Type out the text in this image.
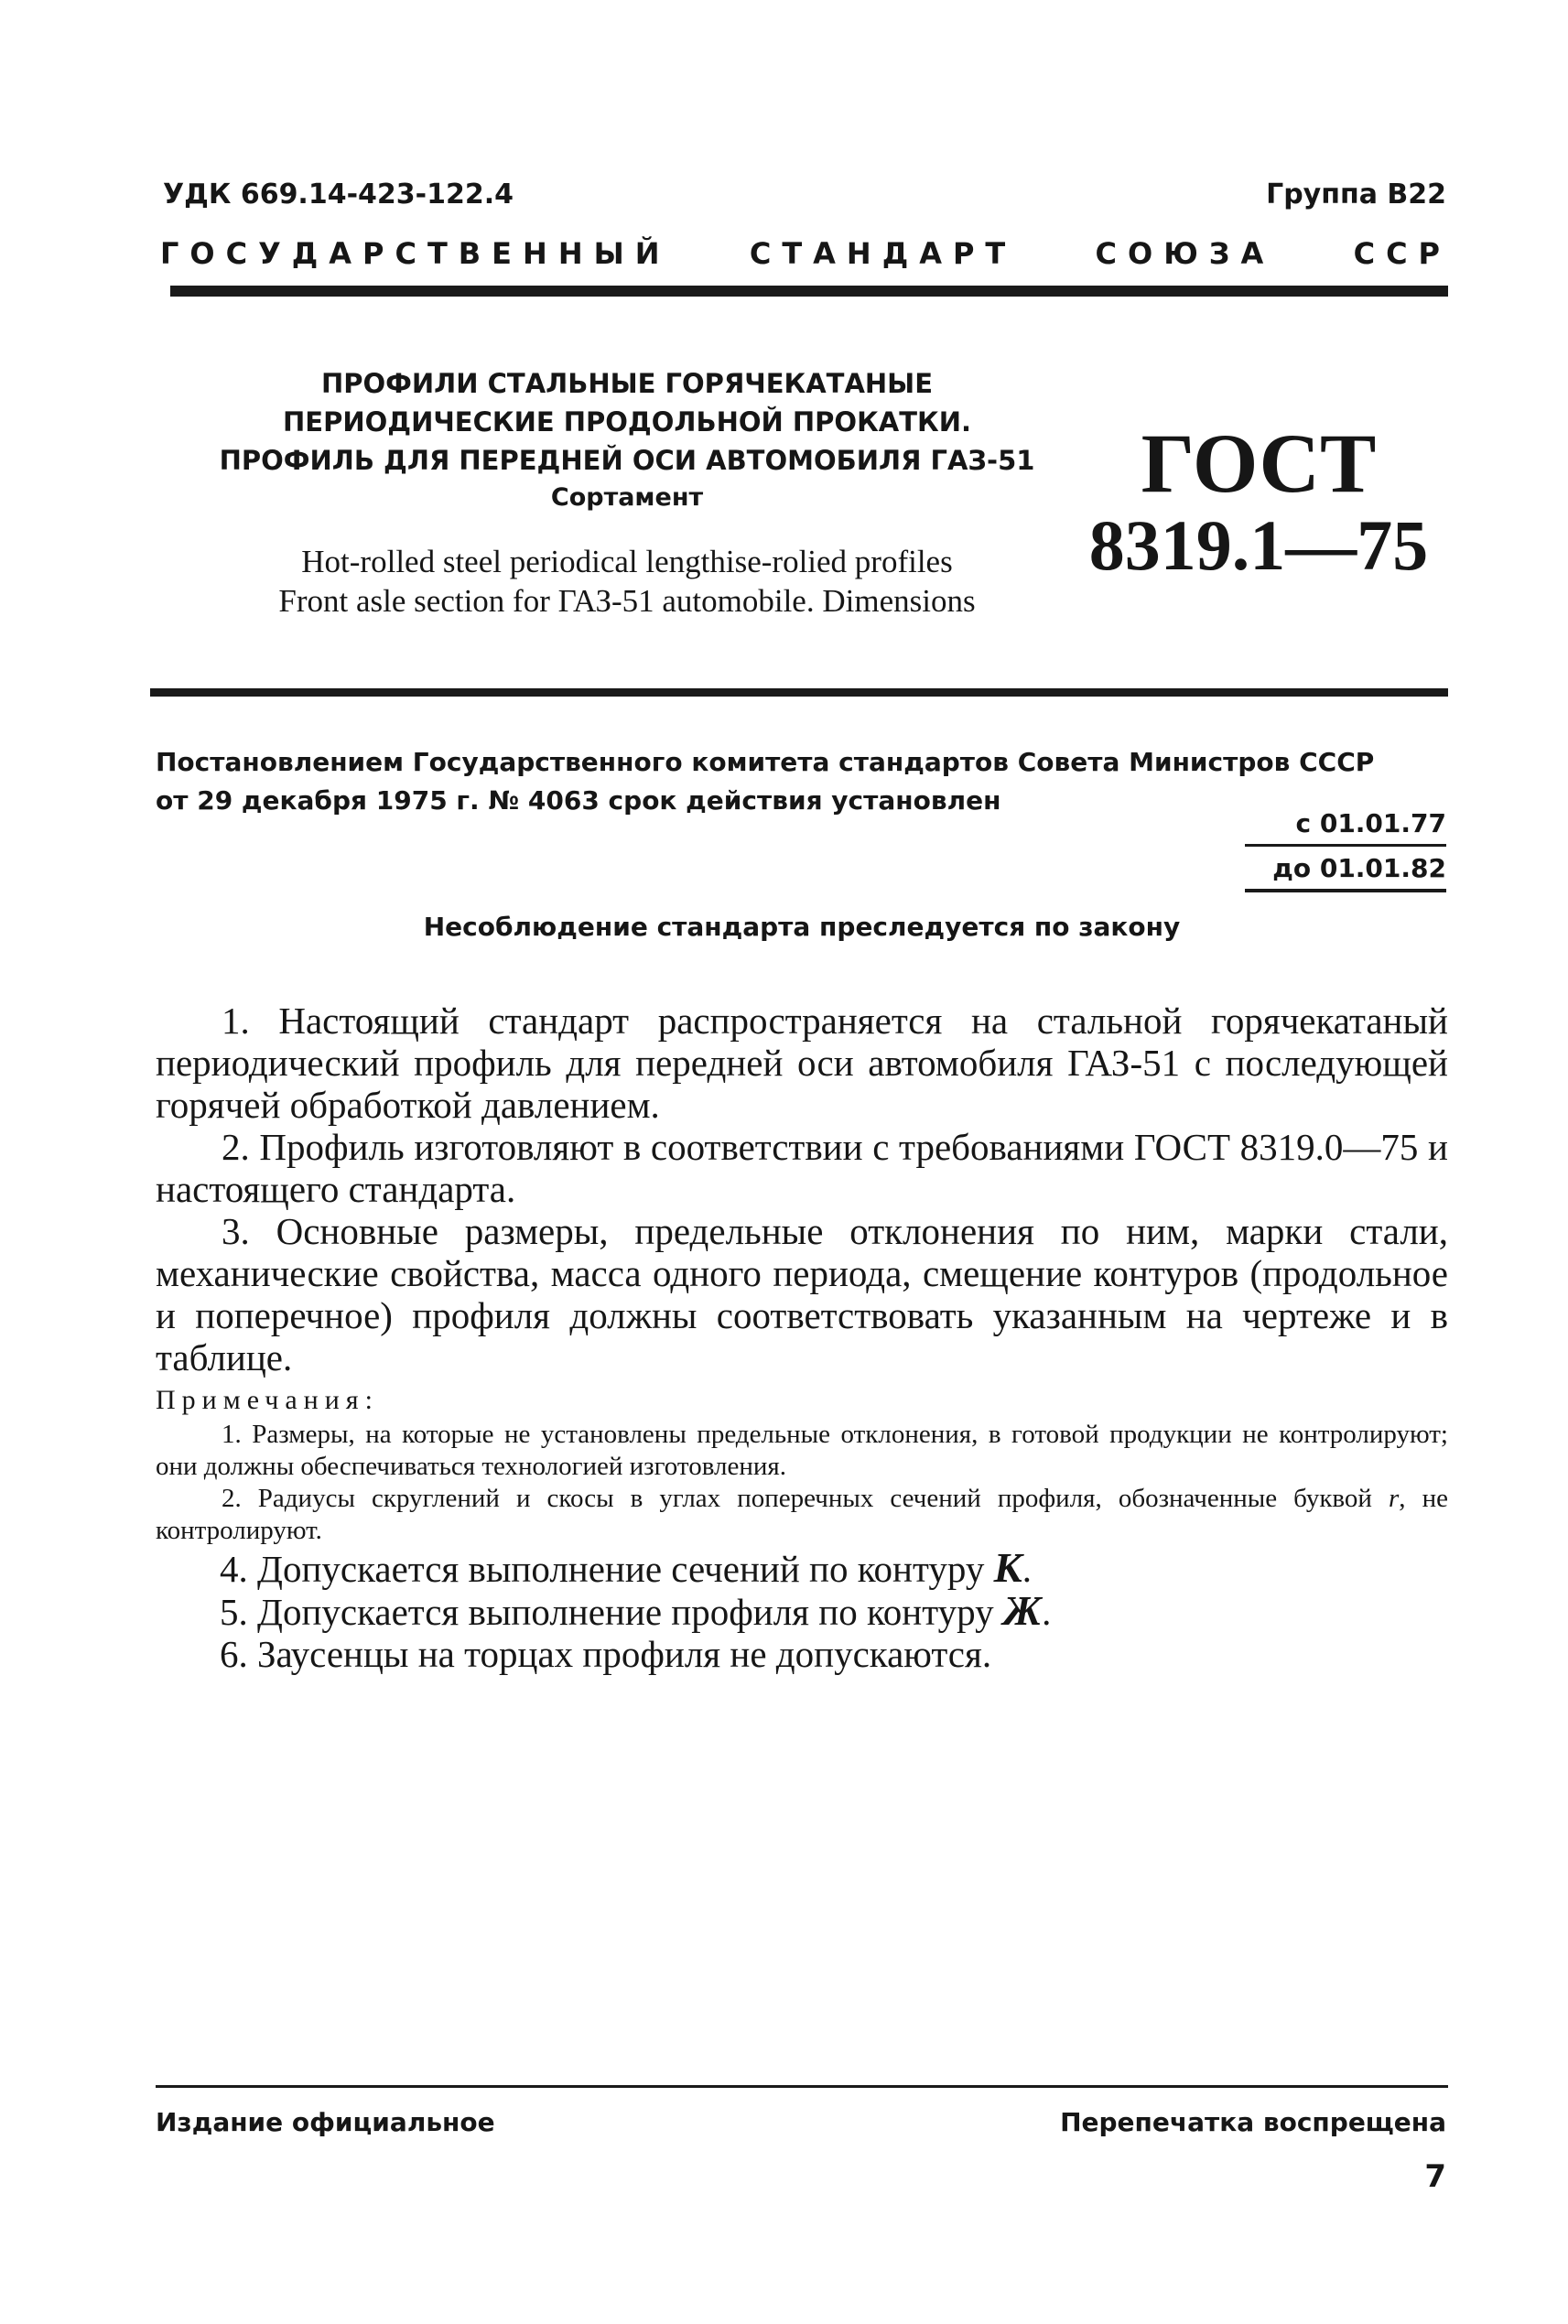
УДК 669.14-423-122.4	Группа В22
ГОСУДАРСТВЕННЫЙ	СТАНДАРТ	СОЮЗА	ССР
ПРОФИЛИ СТАЛЬНЫЕ ГОРЯЧЕКАТАНЫЕ
ПЕРИОДИЧЕСКИЕ ПРОДОЛЬНОЙ ПРОКАТКИ.
ПРОФИЛЬ ДЛЯ ПЕРЕДНЕЙ ОСИ АВТОМОБИЛЯ ГАЗ-51
Сортамент
Hot-rolled steel periodical lengthise-rolied profiles
Front asle section for ГАЗ-51 automobile. Dimensions
ГОСТ
8319.1—75
Постановлением Государственного комитета стандартов Совета Министров СССР
от 29 декабря 1975 г. № 4063 срок действия установлен
с 01.01.77
до 01.01.82
Несоблюдение стандарта преследуется по закону

1. Настоящий стандарт распространяется на стальной горячекатаный периодический профиль для передней оси автомобиля ГАЗ-51 с последующей горячей обработкой давлением.

2. Профиль изготовляют в соответствии с требованиями ГОСТ 8319.0—75 и настоящего стандарта.

3. Основные размеры, предельные отклонения по ним, марки стали, механические свойства, масса одного периода, смещение контуров (продольное и поперечное) профиля должны соответствовать указанным на чертеже и в таблице.

Примечания:

1. Размеры, на которые не установлены предельные отклонения, в готовой продукции не контролируют; они должны обеспечиваться технологией изготовления.

2. Радиусы скруглений и скосы в углах поперечных сечений профиля, обозначенные буквой r, не контролируют.

4. Допускается выполнение сечений по контуру К.

5. Допускается выполнение профиля по контуру Ж.

6. Заусенцы на торцах профиля не допускаются.

Издание официальное	Перепечатка воспрещена
7
